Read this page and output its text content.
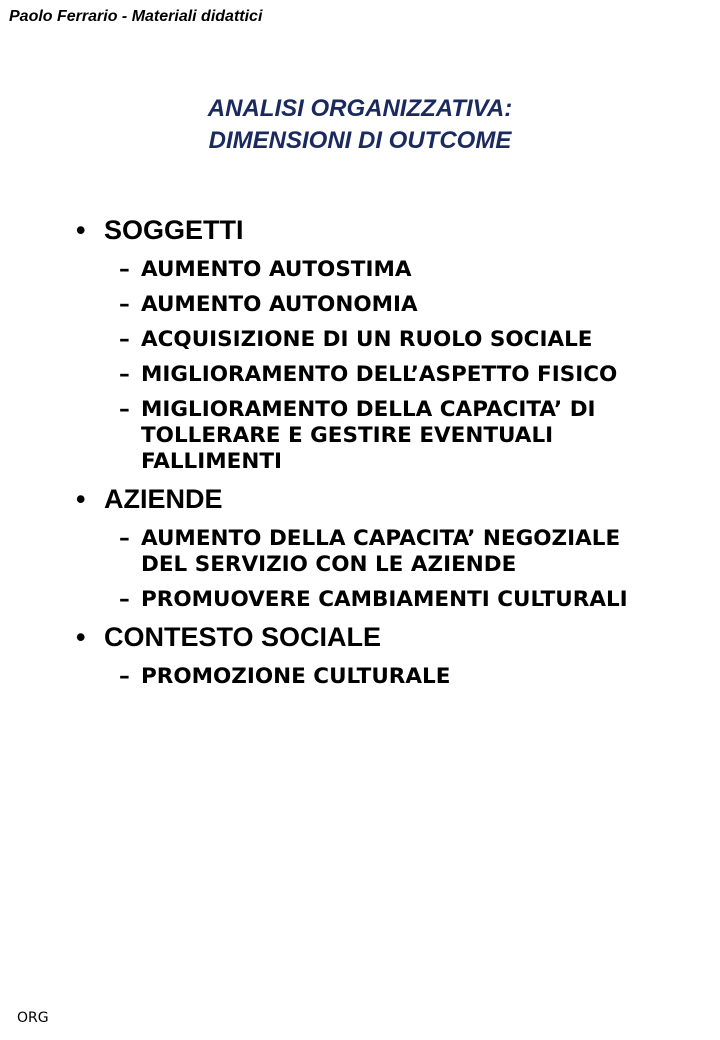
Paolo Ferrario - Materiali didattici
ANALISI ORGANIZZATIVA:
DIMENSIONI DI OUTCOME
• SOGGETTI
– AUMENTO AUTOSTIMA
– AUMENTO AUTONOMIA
– ACQUISIZIONE DI UN RUOLO SOCIALE
– MIGLIORAMENTO DELL’ASPETTO FISICO
– MIGLIORAMENTO DELLA CAPACITA’ DI TOLLERARE E GESTIRE EVENTUALI FALLIMENTI
• AZIENDE
– AUMENTO DELLA CAPACITA’ NEGOZIALE DEL SERVIZIO CON LE AZIENDE
– PROMUOVERE CAMBIAMENTI CULTURALI
• CONTESTO SOCIALE
– PROMOZIONE CULTURALE
ORG
